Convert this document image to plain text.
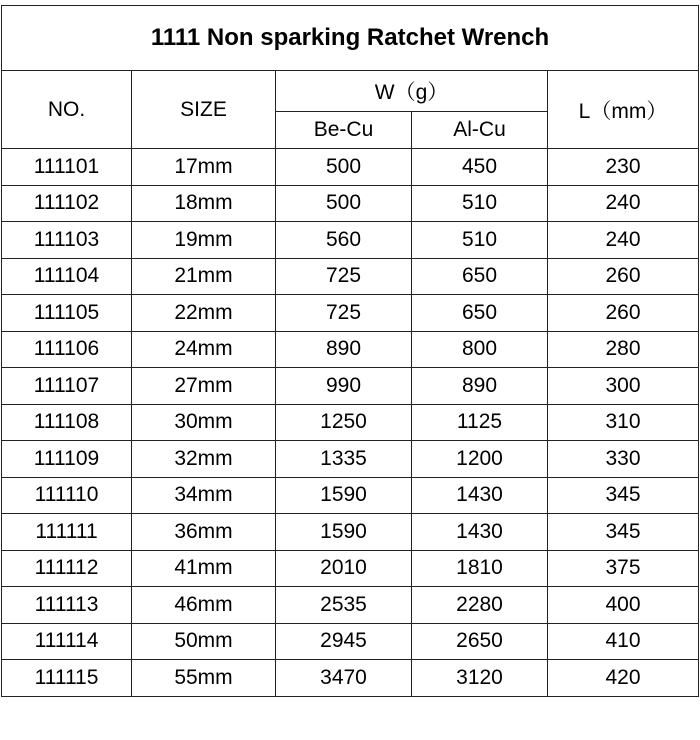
1111 Non sparking Ratchet Wrench				
NO.	SIZE	W（g）		L（mm）
		Be-Cu	Al-Cu	
111101	17mm	500	450	230
111102	18mm	500	510	240
111103	19mm	560	510	240
111104	21mm	725	650	260
111105	22mm	725	650	260
111106	24mm	890	800	280
111107	27mm	990	890	300
111108	30mm	1250	1125	310
111109	32mm	1335	1200	330
111110	34mm	1590	1430	345
111111	36mm	1590	1430	345
111112	41mm	2010	1810	375
111113	46mm	2535	2280	400
111114	50mm	2945	2650	410
111115	55mm	3470	3120	420
